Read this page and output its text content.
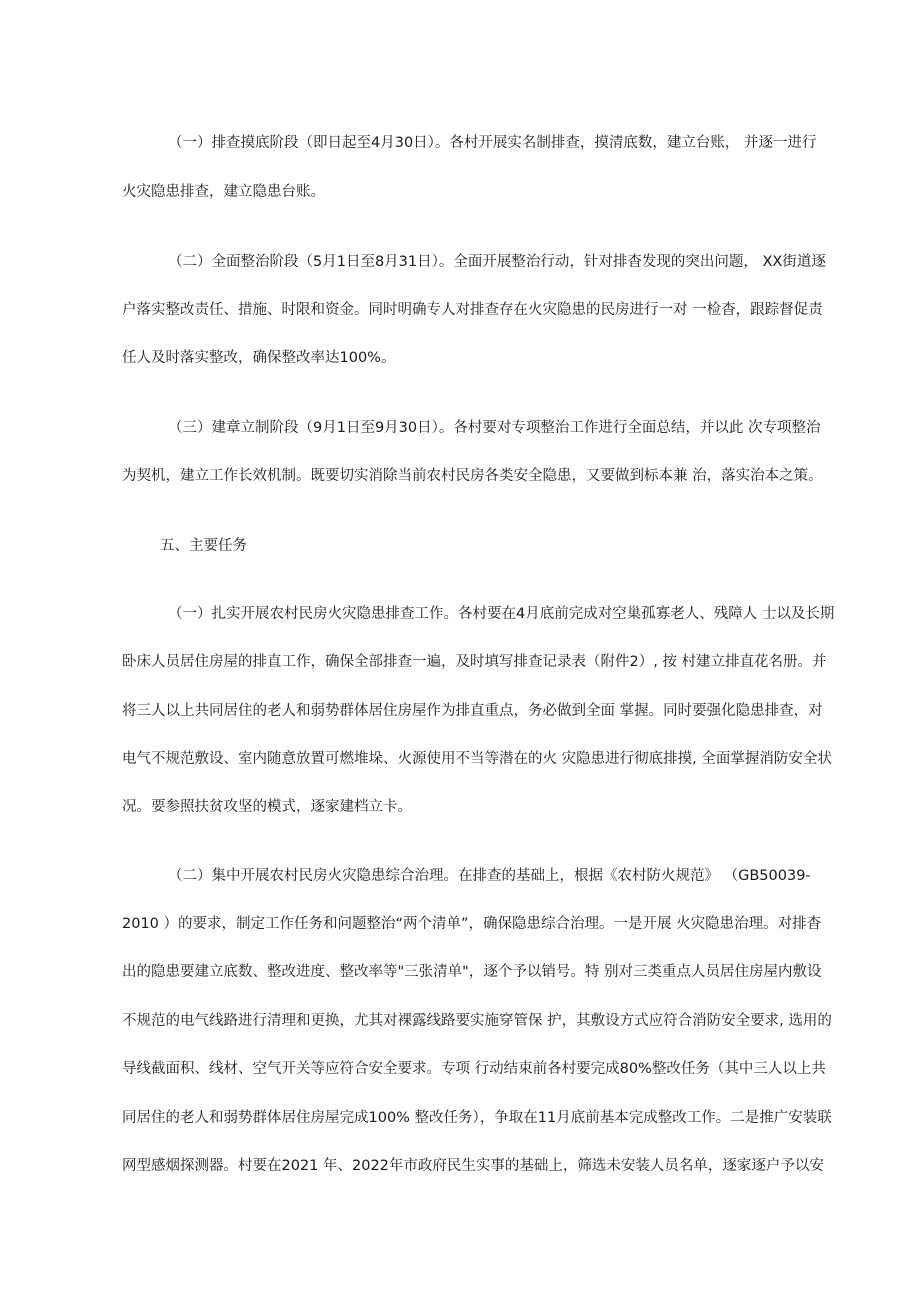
（一）排查摸底阶段（即日起至4月30日）。各村开展实名制排查，摸清底数，建立台账， 并逐一进行
火灾隐患排查，建立隐患台账。
（二）全面整治阶段（5月1日至8月31日）。全面开展整治行动，针对排杳发现的突出问题， XX街道逐
户落实整改责任、措施、时限和资金。同时明确专人对排查存在火灾隐患的民房进行一对 一检杳，跟踪督促责
任人及时落实整改，确保整改率达100%。
（三）建章立制阶段（9月1日至9月30日）。各村要对专项整治工作进行全面总结，并以此 次专项整治
为契机，建立工作长效机制。既要切实消除当前农村民房各类安全隐患，又要做到标本兼 治，落实治本之策。
五、主要任务
（一）扎实开展农村民房火灾隐患排查工作。各村要在4月底前完成对空巢孤寡老人、残障人 士以及长期
卧床人员居住房屋的排直工作，确保全部排查一遍，及时填写排查记录表（附件2）, 按 村建立排直花名册。并
将三人以上共同居住的老人和弱势群体居住房屋作为排直重点，务必做到全面 掌握。同时要强化隐患排查，对
电气不规范敷设、室内随意放置可燃堆垛、火源使用不当等潜在的火 灾隐患进行彻底排摸, 全面掌握消防安全状
况。要参照扶贫攻坚的模式，逐家建档立卡。
（二）集中开展农村民房火灾隐患综合治理。在排查的基础上，根据《农村防火规范》 （GB50039-
2010 ）的要求，制定工作任务和问题整治“两个清单”，确保隐患综合治理。一是开展 火灾隐患治理。对排杳
出的隐患要建立底数、整改进度、整改率等"三张清单"，逐个予以销号。特 别对三类重点人员居住房屋内敷设
不规范的电气线路进行清理和更换，尤其对裸露线路要实施穿管保 护，其敷设方式应符合消防安全要求, 选用的
导线截面积、线材、空气开关等应符合安全要求。专项 行动结束前各村要完成80%整改任务（其中三人以上共
同居住的老人和弱势群体居住房屋完成100% 整改任务），争取在11月底前基本完成整改工作。二是推广安装联
网型感烟探测器。村要在2021 年、2022年市政府民生实事的基础上，筛选未安装人员名单，逐家逐户予以安
